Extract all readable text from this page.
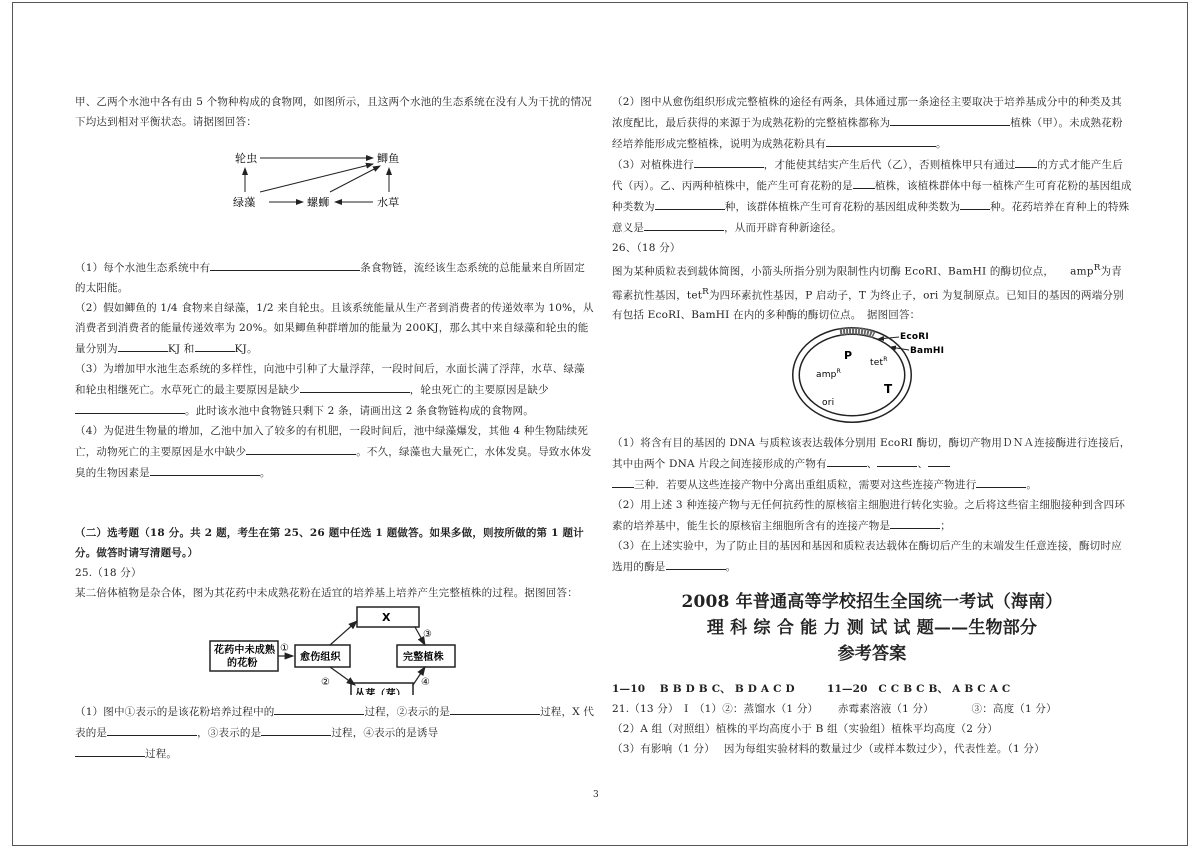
甲、乙两个水池中各有由 5 个物种构成的食物网，如图所示，且这两个水池的生态系统在没有人为干扰的情况下均达到相对平衡状态。请据图回答：

轮虫	鲫鱼
绿藻	螺蛳	水草

（1）每个水池生态系统中有	条食物链，流经该生态系统的总能量来自所固定的太阳能。

（2）假如鲫鱼的 1/4 食物来自绿藻，1/2 来自轮虫。且该系统能量从生产者到消费者的传递效率为 10%，从消费者到消费者的能量传递效率为 20%。如果鲫鱼种群增加的能量为 200KJ，那么其中来自绿藻和轮虫的能量分别为	KJ 和	KJ。

（3）为增加甲水池生态系统的多样性，向池中引种了大量浮萍，一段时间后，水面长满了浮萍，水草、绿藻和轮虫相继死亡。水草死亡的最主要原因是缺少	，轮虫死亡的主要原因是缺少。此时该水池中食物链只剩下 2 条，请画出这 2 条食物链构成的食物网。

（4）为促进生物量的增加，乙池中加入了较多的有机肥，一段时间后，池中绿藻爆发，其他 4 种生物陆续死亡，动物死亡的主要原因是水中缺少	。不久，绿藻也大量死亡，水体发臭。导致水体发臭的生物因素是	。

（二）选考题（18 分。共 2 题，考生在第 25、26 题中任选 1 题做答。如果多做，则按所做的第 1 题计分。做答时请写清题号。）

25.（18 分）

某二倍体植物是杂合体，图为其花药中未成熟花粉在适宜的培养基上培养产生完整植株的过程。据图回答：

花药中未成熟
的花粉
愈伤组织
X
完整植株
丛芽（芽）
①
③
②	④

（1）图中①表示的是该花粉培养过程中的	过程，②表示的是	过程，X 代表的是	，③表示的是	过程，④表示的是诱导
过程。

（2）图中从愈伤组织形成完整植株的途径有两条，具体通过那一条途径主要取决于培养基成分中的种类及其浓度配比，最后获得的来源于为成熟花粉的完整植株都称为	植株（甲）。未成熟花粉经培养能形成完整植株，说明为成熟花粉具有	。

（3）对植株进行	，才能使其结实产生后代（乙），否则植株甲只有通过 的方式才能产生后代（丙）。乙、丙两种植株中，能产生可育花粉的是 植株，该植株群体中每一植株产生可育花粉的基因组成种类数为	种，该群体植株产生可育花粉的基因组成种类数为	种。花药培养在育种上的特殊意义是	，从而开辟育种新途径。

26、（18 分）

图为某种质粒表到载体简图，小箭头所指分别为限制性内切酶 EcoRI、BamHI 的酶切位点，　　amp$^R$为青霉素抗性基因，tet$^R$为四环素抗性基因，P 启动子，T 为终止子，ori 为复制原点。已知目的基因的两端分别有包括 EcoRI、BamHI 在内的多种酶的酶切位点。　据图回答：

EcoRI
BamHI
P
tet$^R$
amp$^R$
T
ori

（1）将含有目的基因的 DNA 与质粒该表达载体分别用 EcoRI 酶切，酶切产物用ＤＮＡ连接酶进行连接后，其中由两个 DNA 片段之间连接形成的产物有	、	、
三种．若要从这些连接产物中分离出重组质粒，需要对这些连接产物进行	。

（2）用上述 3 种连接产物与无任何抗药性的原核宿主细胞进行转化实验。之后将这些宿主细胞接种到含四环素的培养基中，能生长的原核宿主细胞所含有的连接产物是	；

（3）在上述实验中，为了防止目的基因和基因和质粒表达载体在酶切后产生的末端发生任意连接，酶切时应选用的酶是	。

2008 年普通高等学校招生全国统一考试（海南）

理 科 综 合 能 力 测 试 试 题——生物部分

参考答案

1—10　 B B D B C、 B D A C D　　　11—20　C C B C B、 A B C A C

21.（13 分）　Ⅰ　（1）②：蒸馏水（1 分）　　 赤霉素溶液（1 分）　　　　③：高度（1 分）

（2）A 组（对照组）植株的平均高度小于 B 组（实验组）植株平均高度（2 分）

（3）有影响（1 分）　 因为每组实验材料的数量过少（或样本数过少），代表性差。（1 分）

3
